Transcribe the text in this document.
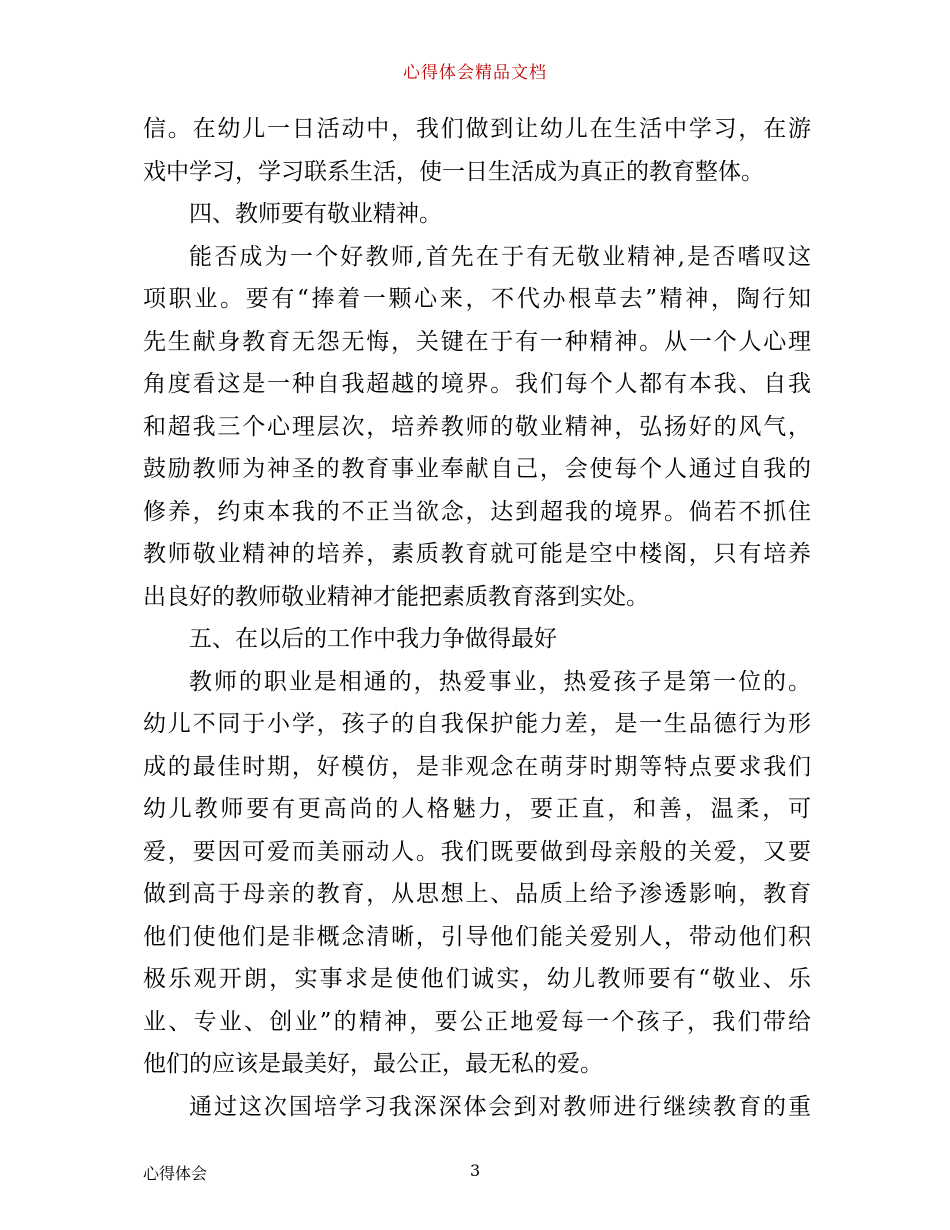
心得体会精品文档
信。在幼儿一日活动中，我们做到让幼儿在生活中学习，在游
戏中学习，学习联系生活，使一日生活成为真正的教育整体。
四、教师要有敬业精神。
能否成为一个好教师,首先在于有无敬业精神,是否嗜叹这
项职业。要有“捧着一颗心来，不代办根草去”精神，陶行知
先生献身教育无怨无悔，关键在于有一种精神。从一个人心理
角度看这是一种自我超越的境界。我们每个人都有本我、自我
和超我三个心理层次，培养教师的敬业精神，弘扬好的风气，
鼓励教师为神圣的教育事业奉献自己，会使每个人通过自我的
修养，约束本我的不正当欲念，达到超我的境界。倘若不抓住
教师敬业精神的培养，素质教育就可能是空中楼阁，只有培养
出良好的教师敬业精神才能把素质教育落到实处。
五、在以后的工作中我力争做得最好
教师的职业是相通的，热爱事业，热爱孩子是第一位的。
幼儿不同于小学，孩子的自我保护能力差，是一生品德行为形
成的最佳时期，好模仿，是非观念在萌芽时期等特点要求我们
幼儿教师要有更高尚的人格魅力，要正直，和善，温柔，可
爱，要因可爱而美丽动人。我们既要做到母亲般的关爱，又要
做到高于母亲的教育，从思想上、品质上给予渗透影响，教育
他们使他们是非概念清晰，引导他们能关爱别人，带动他们积
极乐观开朗，实事求是使他们诚实，幼儿教师要有“敬业、乐
业、专业、创业”的精神，要公正地爱每一个孩子，我们带给
他们的应该是最美好，最公正，最无私的爱。
通过这次国培学习我深深体会到对教师进行继续教育的重
心得体会	3
